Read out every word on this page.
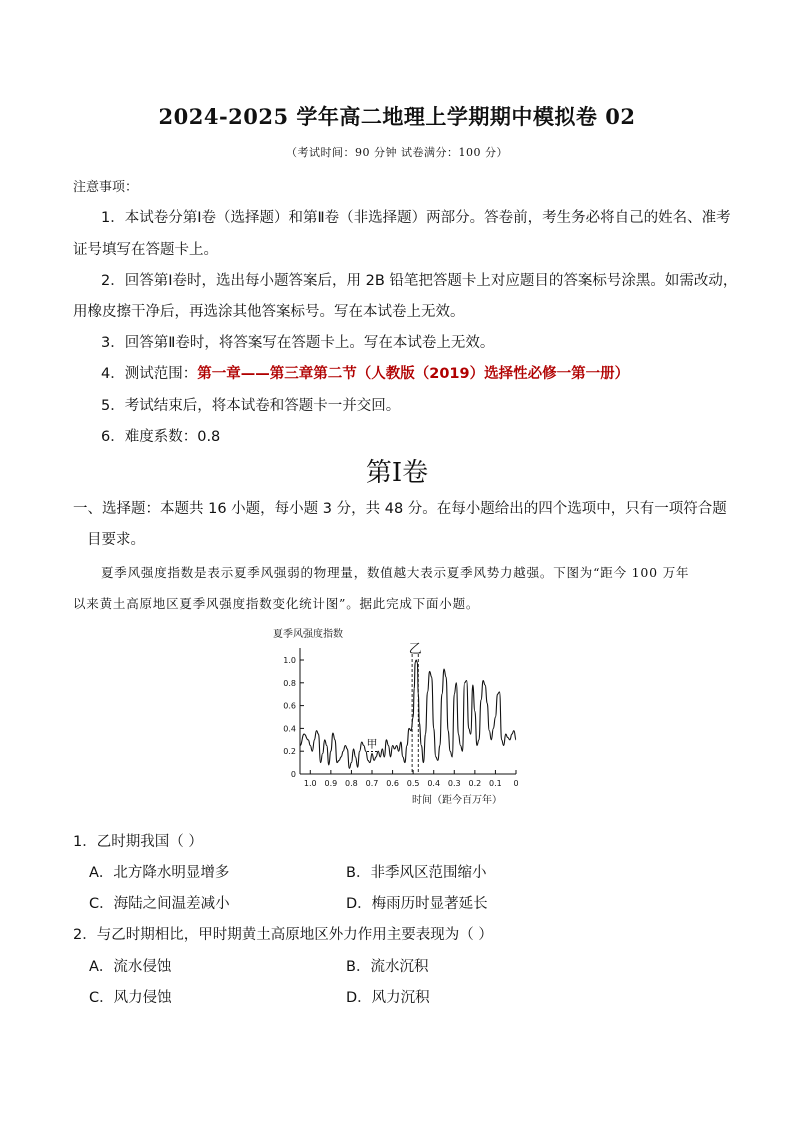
2024-2025 学年高二地理上学期期中模拟卷 02
（考试时间：90 分钟 试卷满分：100 分）
注意事项：
1．本试卷分第Ⅰ卷（选择题）和第Ⅱ卷（非选择题）两部分。答卷前，考生务必将自己的姓名、准考
证号填写在答题卡上。
2．回答第Ⅰ卷时，选出每小题答案后，用 2B 铅笔把答题卡上对应题目的答案标号涂黑。如需改动，
用橡皮擦干净后，再选涂其他答案标号。写在本试卷上无效。
3．回答第Ⅱ卷时，将答案写在答题卡上。写在本试卷上无效。
4．测试范围：第一章——第三章第二节（人教版（2019）选择性必修一第一册）
5．考试结束后，将本试卷和答题卡一并交回。
6．难度系数：0.8
第Ⅰ卷
一、选择题：本题共 16 小题，每小题 3 分，共 48 分。在每小题给出的四个选项中，只有一项符合题
目要求。
夏季风强度指数是表示夏季风强弱的物理量，数值越大表示夏季风势力越强。下图为“距今 100 万年
以来黄土高原地区夏季风强度指数变化统计图”。据此完成下面小题。
夏季风强度指数
时间（距今百万年）
0
0.2
0.4
0.6
0.8
1.0
1.0 0.9 0.8 0.7 0.6 0.5 0.4 0.3 0.2 0.1 0
甲
乙
1．乙时期我国（ ）
A．北方降水明显增多	B．非季风区范围缩小
C．海陆之间温差减小	D．梅雨历时显著延长
2．与乙时期相比，甲时期黄土高原地区外力作用主要表现为（ ）
A．流水侵蚀	B．流水沉积
C．风力侵蚀	D．风力沉积
